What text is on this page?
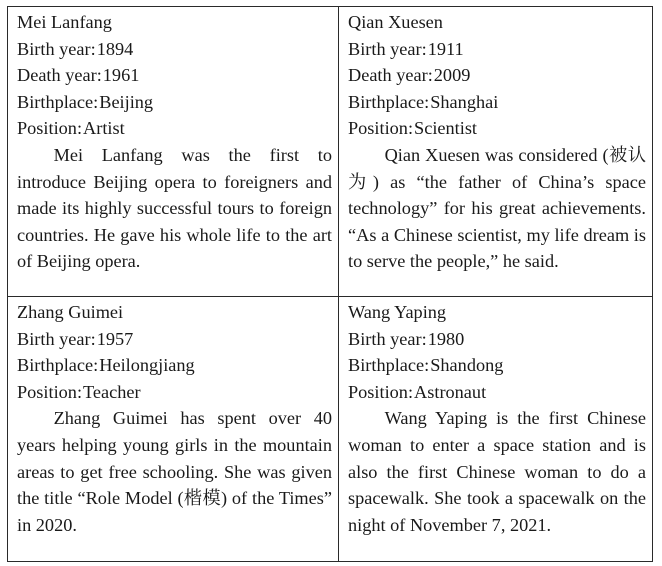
Mei Lanfang
Birth year : 1894
Death year : 1961
Birthplace : Beijing
Position : Artist

Mei Lanfang was the first to introduce Beijing opera to foreigners and made its highly successful tours to foreign countries. He gave his whole life to the art of Beijing opera.

Qian Xuesen
Birth year : 1911
Death year : 2009
Birthplace : Shanghai
Position : Scientist

Qian Xuesen was considered (被认为) as “the father of China’s space technology” for his great achievements. “As a Chinese scientist, my life dream is to serve the people,” he said.

Zhang Guimei
Birth year : 1957
Birthplace : Heilongjiang
Position : Teacher

Zhang Guimei has spent over 40 years helping young girls in the mountain areas to get free schooling. She was given the title “Role Model (楷模) of the Times” in 2020.

Wang Yaping
Birth year : 1980
Birthplace : Shandong
Position : Astronaut

Wang Yaping is the first Chinese woman to enter a space station and is also the first Chinese woman to do a spacewalk. She took a spacewalk on the night of November 7, 2021.
